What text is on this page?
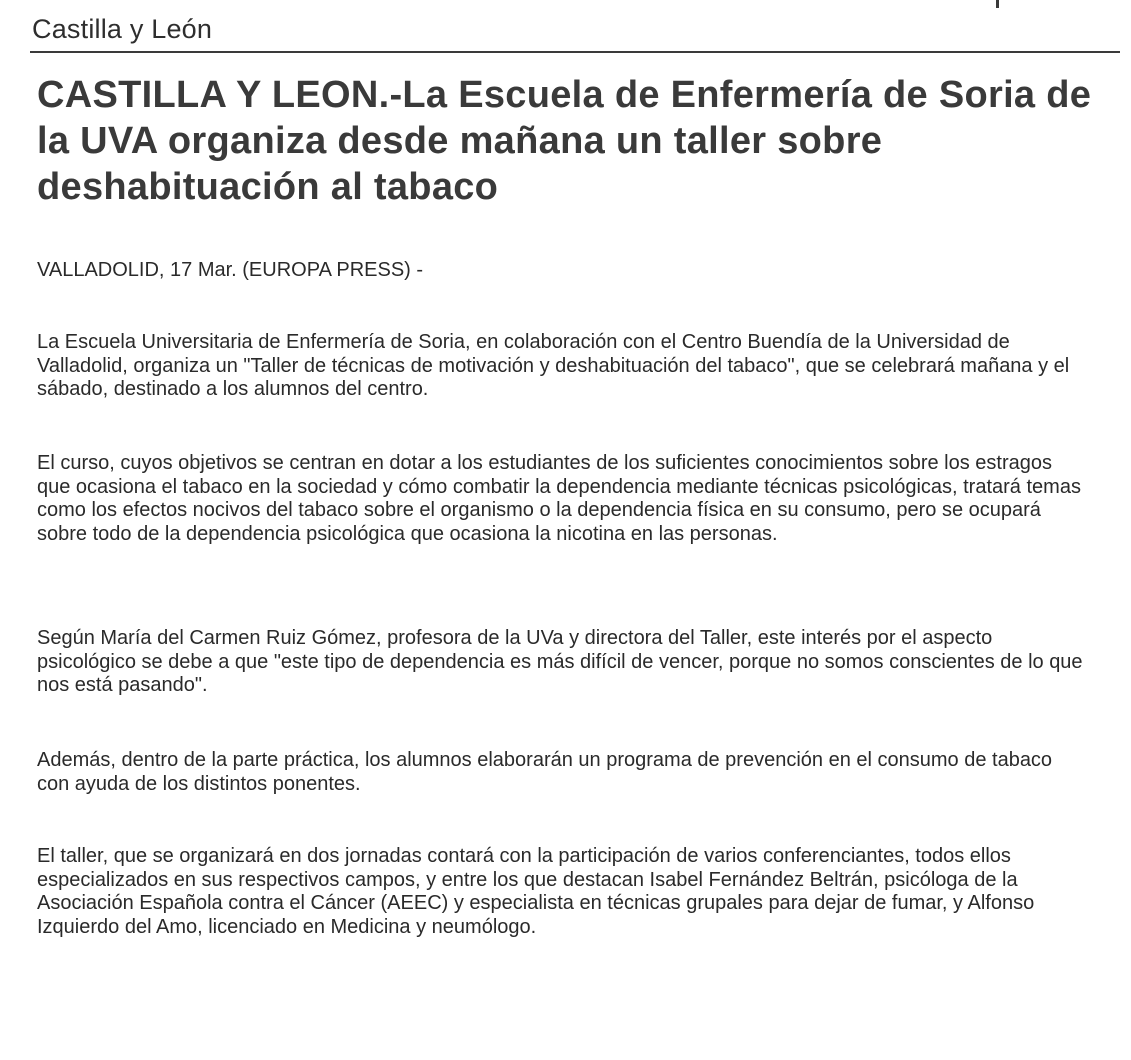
Castilla y León
CASTILLA Y LEON.-La Escuela de Enfermería de Soria de la UVA organiza desde mañana un taller sobre deshabituación al tabaco
VALLADOLID, 17 Mar. (EUROPA PRESS) -

La Escuela Universitaria de Enfermería de Soria, en colaboración con el Centro Buendía de la Universidad de Valladolid, organiza un "Taller de técnicas de motivación y deshabituación del tabaco", que se celebrará mañana y el sábado, destinado a los alumnos del centro.

El curso, cuyos objetivos se centran en dotar a los estudiantes de los suficientes conocimientos sobre los estragos que ocasiona el tabaco en la sociedad y cómo combatir la dependencia mediante técnicas psicológicas, tratará temas como los efectos nocivos del tabaco sobre el organismo o la dependencia física en su consumo, pero se ocupará sobre todo de la dependencia psicológica que ocasiona la nicotina en las personas.

Según María del Carmen Ruiz Gómez, profesora de la UVa y directora del Taller, este interés por el aspecto psicológico se debe a que "este tipo de dependencia es más difícil de vencer, porque no somos conscientes de lo que nos está pasando".

Además, dentro de la parte práctica, los alumnos elaborarán un programa de prevención en el consumo de tabaco con ayuda de los distintos ponentes.

El taller, que se organizará en dos jornadas contará con la participación de varios conferenciantes, todos ellos especializados en sus respectivos campos, y entre los que destacan Isabel Fernández Beltrán, psicóloga de la Asociación Española contra el Cáncer (AEEC) y especialista en técnicas grupales para dejar de fumar, y Alfonso Izquierdo del Amo, licenciado en Medicina y neumólogo.
